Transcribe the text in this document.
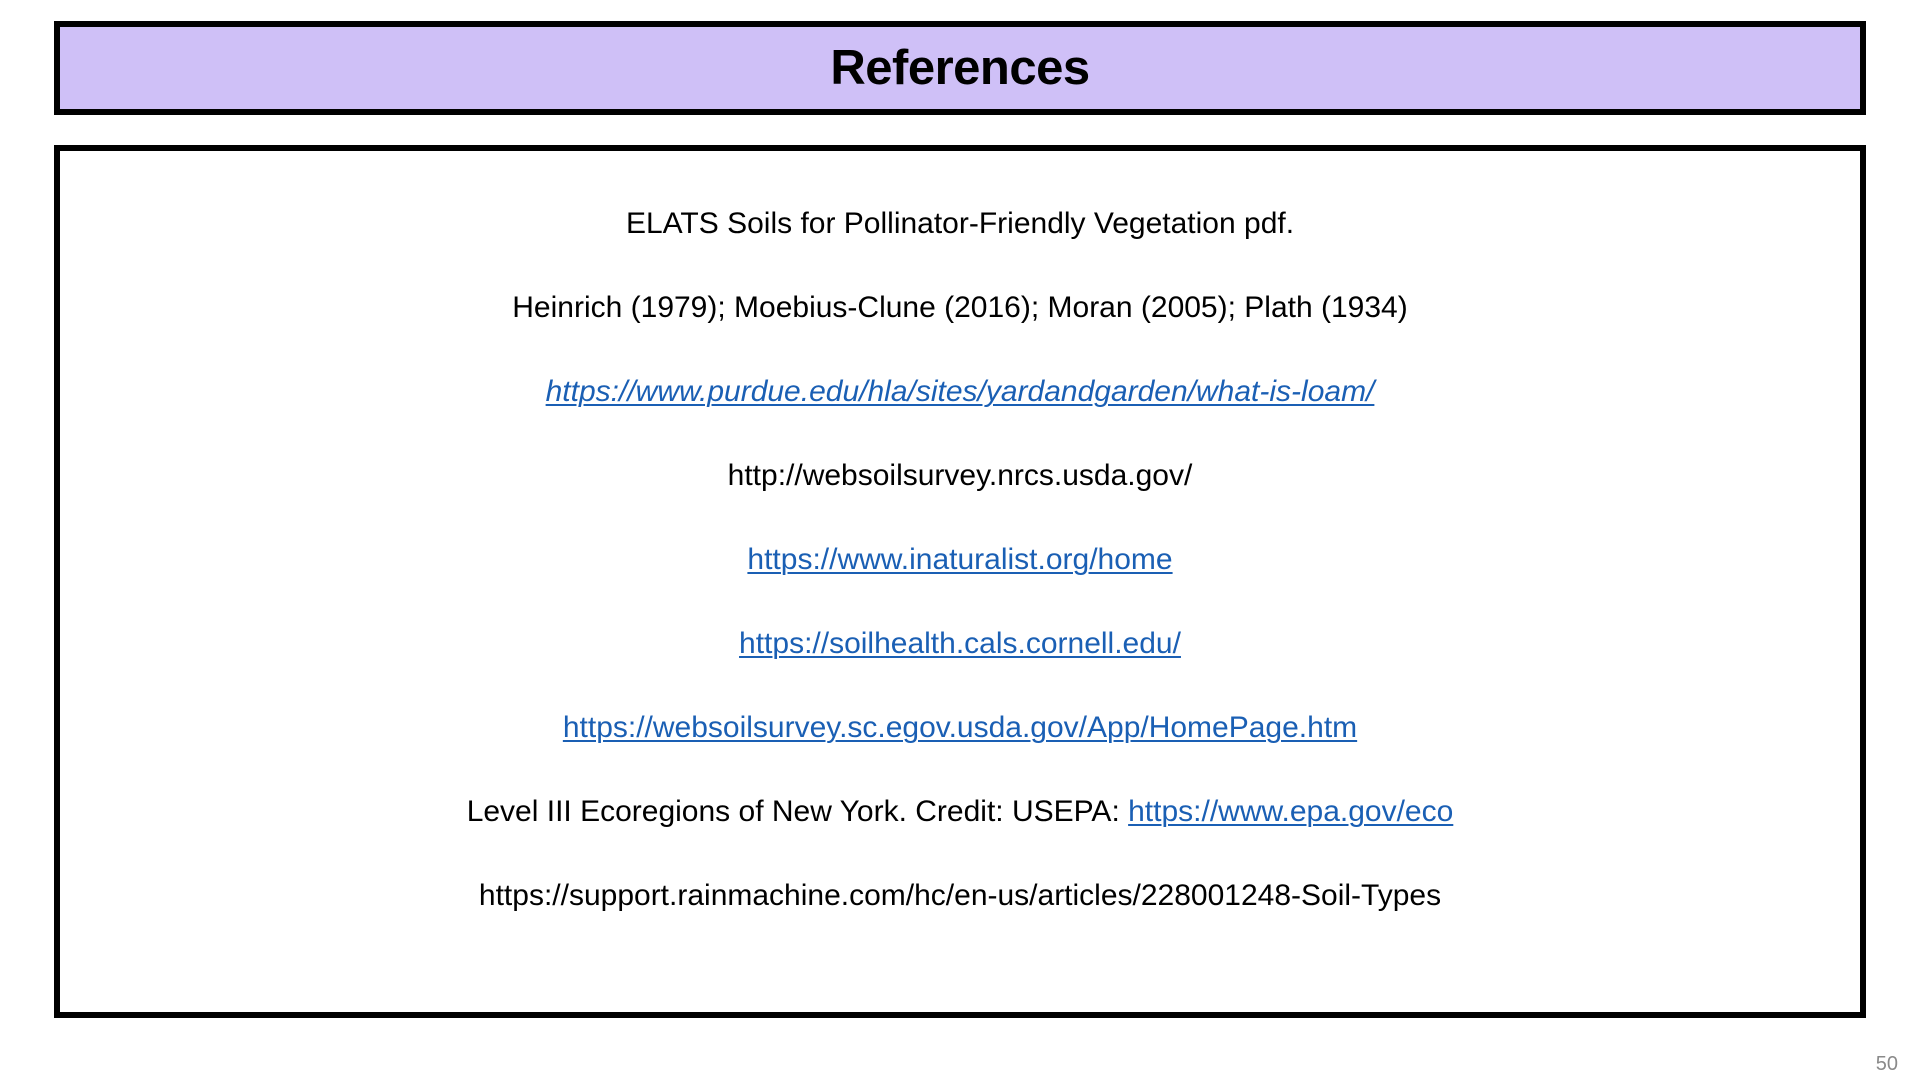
References
ELATS Soils for Pollinator-Friendly Vegetation pdf.
Heinrich (1979); Moebius-Clune (2016); Moran (2005); Plath (1934)
https://www.purdue.edu/hla/sites/yardandgarden/what-is-loam/
http://websoilsurvey.nrcs.usda.gov/
https://www.inaturalist.org/home
https://soilhealth.cals.cornell.edu/
https://websoilsurvey.sc.egov.usda.gov/App/HomePage.htm
Level III Ecoregions of New York. Credit: USEPA: https://www.epa.gov/eco
https://support.rainmachine.com/hc/en-us/articles/228001248-Soil-Types
50
